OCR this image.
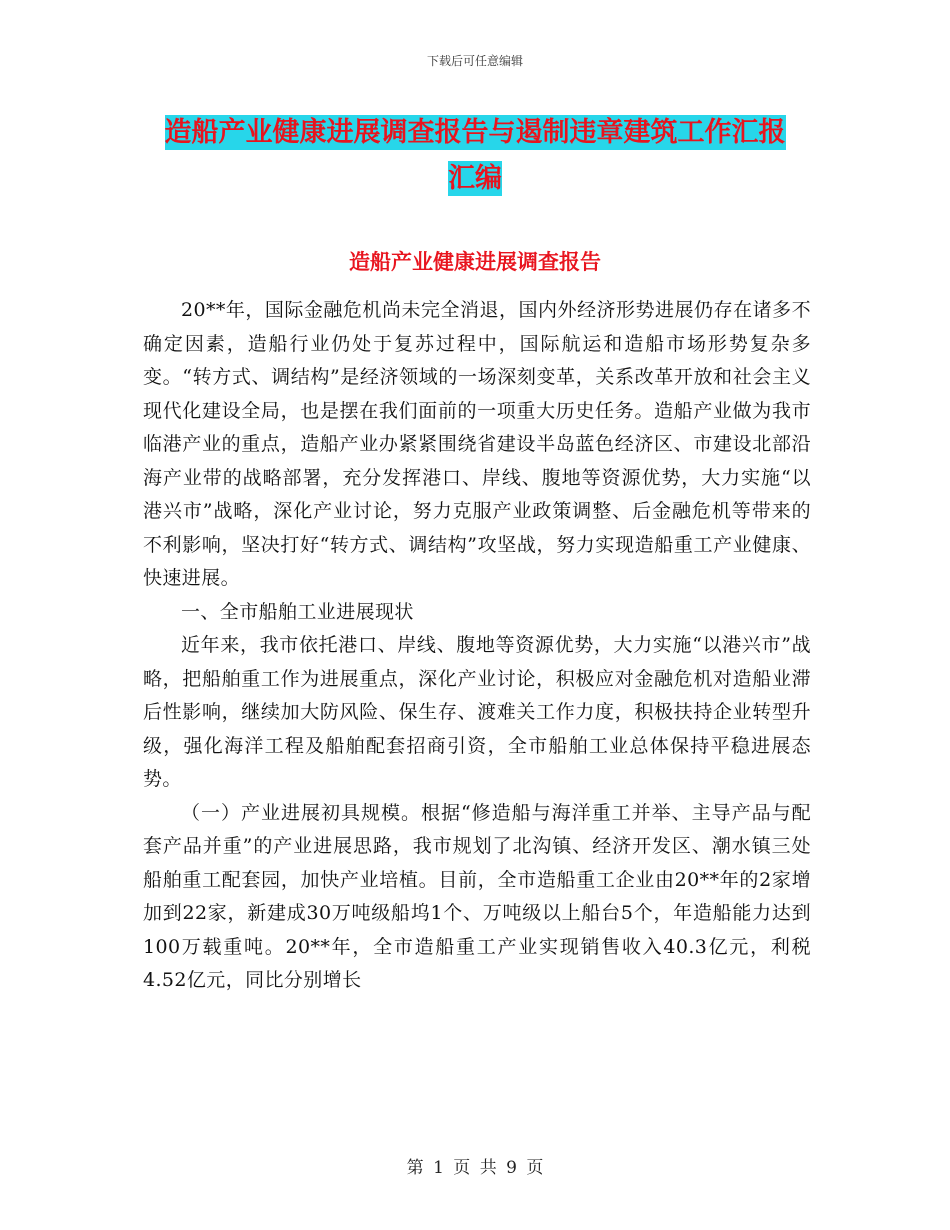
下载后可任意编辑
造船产业健康进展调查报告与遏制违章建筑工作汇报
汇编
造船产业健康进展调查报告

20**年，国际金融危机尚未完全消退，国内外经济形势进展仍存在诸多不确定因素，造船行业仍处于复苏过程中，国际航运和造船市场形势复杂多变。“转方式、调结构”是经济领域的一场深刻变革，关系改革开放和社会主义现代化建设全局，也是摆在我们面前的一项重大历史任务。造船产业做为我市临港产业的重点，造船产业办紧紧围绕省建设半岛蓝色经济区、市建设北部沿海产业带的战略部署，充分发挥港口、岸线、腹地等资源优势，大力实施“以港兴市”战略，深化产业讨论，努力克服产业政策调整、后金融危机等带来的不利影响，坚决打好“转方式、调结构”攻坚战，努力实现造船重工产业健康、快速进展。

一、全市船舶工业进展现状

近年来，我市依托港口、岸线、腹地等资源优势，大力实施“以港兴市”战略，把船舶重工作为进展重点，深化产业讨论，积极应对金融危机对造船业滞后性影响，继续加大防风险、保生存、渡难关工作力度，积极扶持企业转型升级，强化海洋工程及船舶配套招商引资，全市船舶工业总体保持平稳进展态势。

（一）产业进展初具规模。根据“修造船与海洋重工并举、主导产品与配套产品并重”的产业进展思路，我市规划了北沟镇、经济开发区、潮水镇三处船舶重工配套园，加快产业培植。目前，全市造船重工企业由20**年的2家增加到22家，新建成30万吨级船坞1个、万吨级以上船台5个，年造船能力达到100万载重吨。20**年，全市造船重工产业实现销售收入40.3亿元，利税4.52亿元，同比分别增长

第 1 页 共 9 页
